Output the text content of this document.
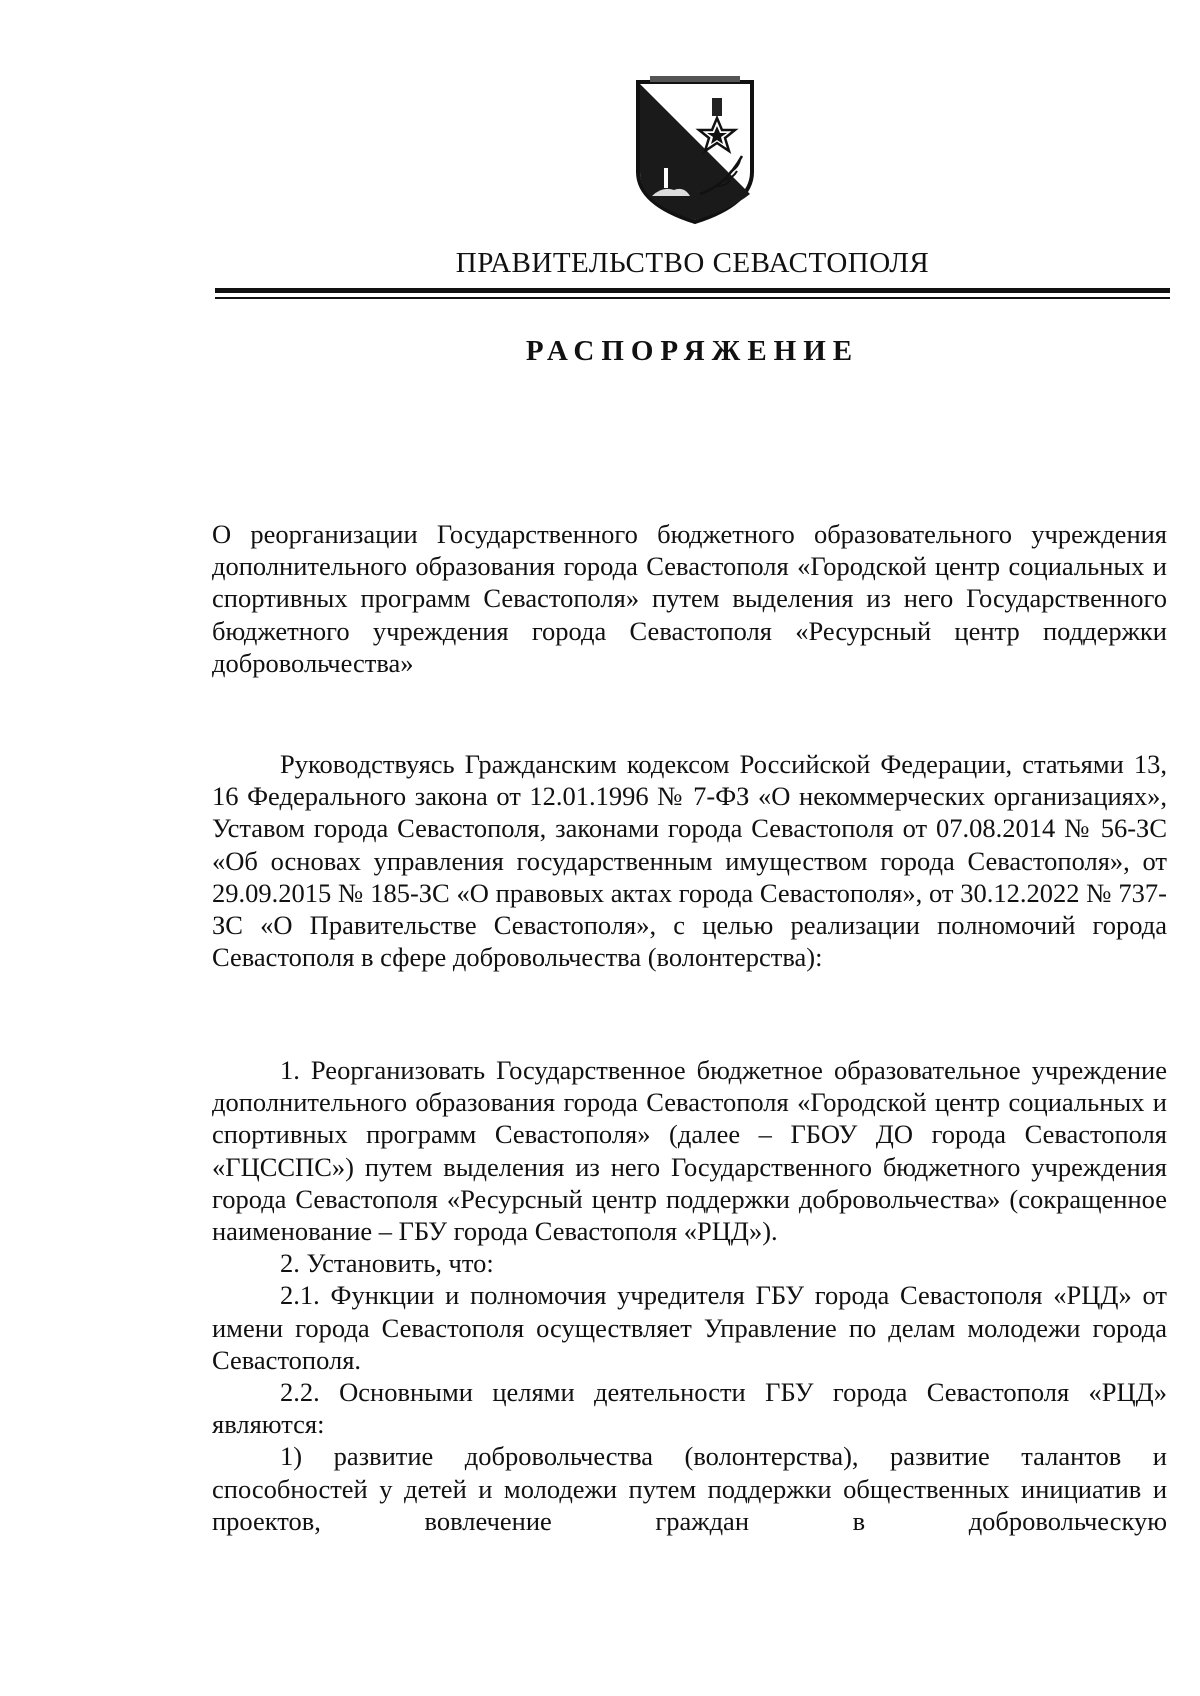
ПРАВИТЕЛЬСТВО СЕВАСТОПОЛЯ
РАСПОРЯЖЕНИЕ

О реорганизации Государственного бюджетного образовательного учреждения дополнительного образования города Севастополя «Городской центр социальных и спортивных программ Севастополя» путем выделения из него Государственного бюджетного учреждения города Севастополя «Ресурсный центр поддержки добровольчества»

Руководствуясь Гражданским кодексом Российской Федерации, статьями 13, 16 Федерального закона от 12.01.1996 № 7-ФЗ «О некоммерческих организациях», Уставом города Севастополя, законами города Севастополя от 07.08.2014 № 56-ЗС «Об основах управления государственным имуществом города Севастополя», от 29.09.2015 № 185-ЗС «О правовых актах города Севастополя», от 30.12.2022 № 737-ЗС «О Правительстве Севастополя», с целью реализации полномочий города Севастополя в сфере добровольчества (волонтерства):

1. Реорганизовать Государственное бюджетное образовательное учреждение дополнительного образования города Севастополя «Городской центр социальных и спортивных программ Севастополя» (далее – ГБОУ ДО города Севастополя «ГЦССПС») путем выделения из него Государственного бюджетного учреждения города Севастополя «Ресурсный центр поддержки добровольчества» (сокращенное наименование – ГБУ города Севастополя «РЦД»).

2. Установить, что:

2.1. Функции и полномочия учредителя ГБУ города Севастополя «РЦД» от имени города Севастополя осуществляет Управление по делам молодежи города Севастополя.

2.2. Основными целями деятельности ГБУ города Севастополя «РЦД» являются:

1) развитие добровольчества (волонтерства), развитие талантов и способностей у детей и молодежи путем поддержки общественных инициатив и проектов, вовлечение граждан в добровольческую
